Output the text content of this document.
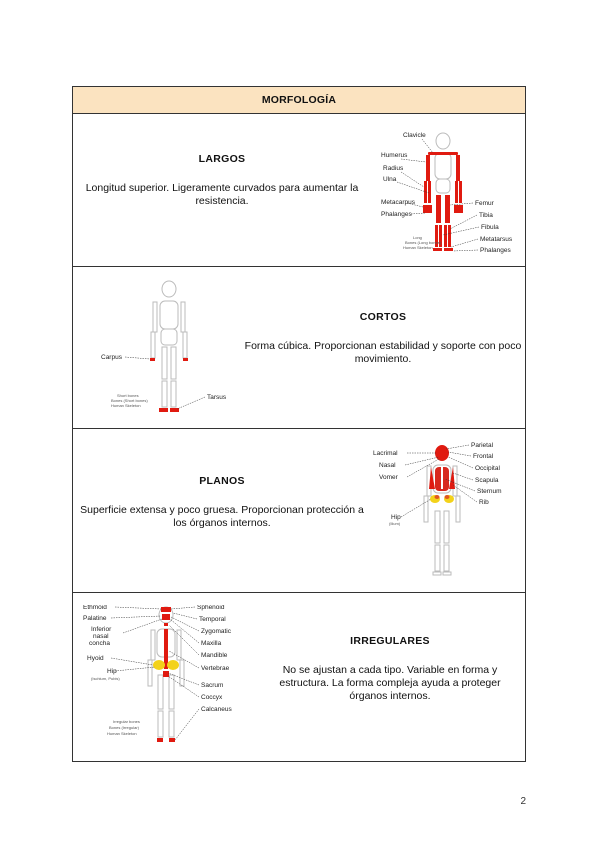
MORFOLOGÍA
LARGOS
Longitud superior. Ligeramente curvados para aumentar la resistencia.
Clavicle
Humerus
Radius
Ulna
Metacarpus
Phalanges
Femur
Tibia
Fibula
Metatarsus
Phalanges
Long
Bones (Long bones)
Human Skeleton
Carpus
Tarsus
Short bones
Bones (Short bones)
Human Skeleton
CORTOS
Forma cúbica. Proporcionan estabilidad y soporte con poco movimiento.
PLANOS
Superficie extensa y poco gruesa. Proporcionan protección a los órganos internos.
Parietal
Frontal
Lacrimal
Nasal	Occipital
Vomer	Scapula
Sternum
Rib
Hip
(Ilium)
Ethmoid
Palatine
Inferior
nasal
concha
Hyoid
Hip
(Ischium, Pubis)
Sphenoid
Temporal
Zygomatic
Maxilla
Mandible
Vertebrae
Sacrum
Coccyx
Calcaneus
Irregular bones
Bones (Irregular)
Human Skeleton
IRREGULARES
No se ajustan a cada tipo. Variable en forma y estructura. La forma compleja ayuda a proteger órganos internos.
2
